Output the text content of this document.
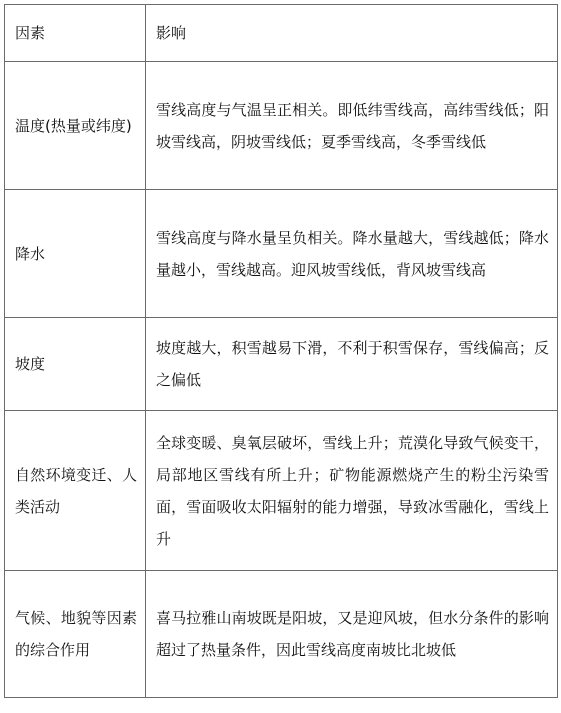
因素	影响
温度(热量或纬度)	雪线高度与气温呈正相关。即低纬雪线高，高纬雪线低；阳坡雪线高，阴坡雪线低；夏季雪线高，冬季雪线低
降水	雪线高度与降水量呈负相关。降水量越大，雪线越低；降水量越小，雪线越高。迎风坡雪线低，背风坡雪线高
坡度	坡度越大，积雪越易下滑，不利于积雪保存，雪线偏高；反之偏低
自然环境变迁、人类活动	全球变暖、臭氧层破坏，雪线上升；荒漠化导致气候变干，局部地区雪线有所上升；矿物能源燃烧产生的粉尘污染雪面，雪面吸收太阳辐射的能力增强，导致冰雪融化，雪线上升
气候、地貌等因素的综合作用	喜马拉雅山南坡既是阳坡，又是迎风坡，但水分条件的影响超过了热量条件，因此雪线高度南坡比北坡低
